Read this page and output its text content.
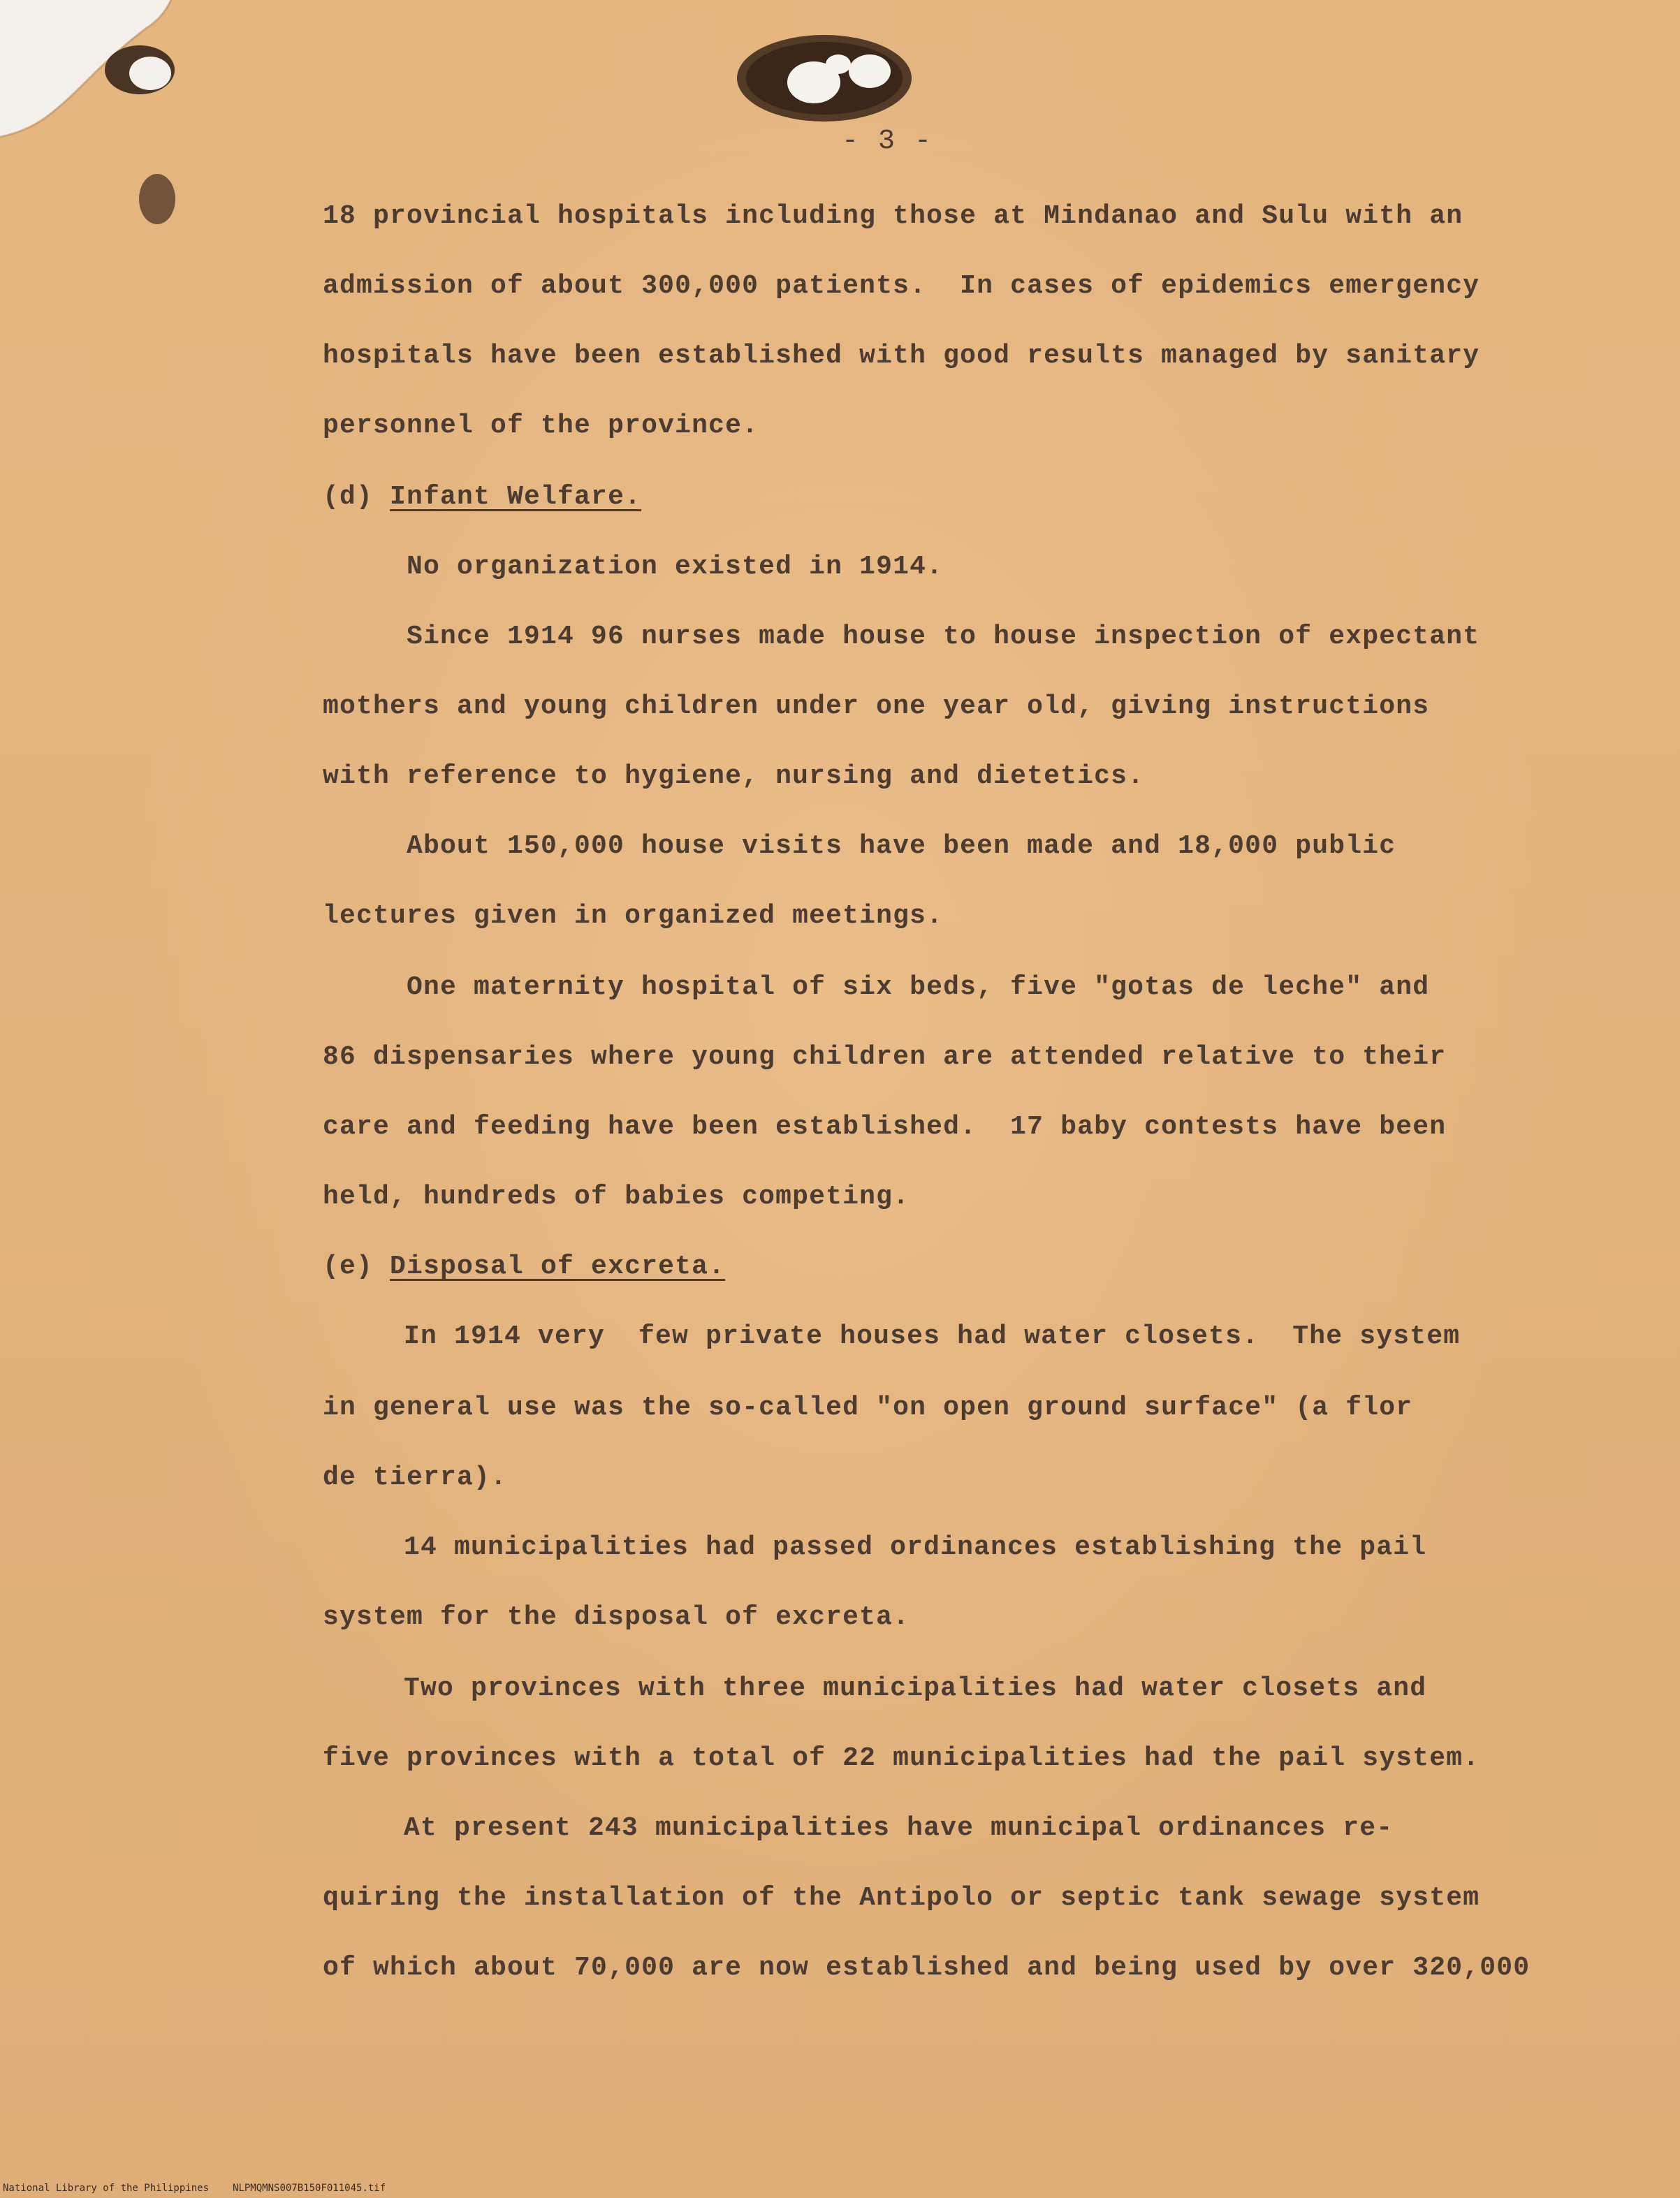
- 3 -
18 provincial hospitals including those at Mindanao and Sulu with an
admission of about 300,000 patients.  In cases of epidemics emergency
hospitals have been established with good results managed by sanitary
personnel of the province.
(d) Infant Welfare.
No organization existed in 1914.
Since 1914 96 nurses made house to house inspection of expectant
mothers and young children under one year old, giving instructions
with reference to hygiene, nursing and dietetics.
About 150,000 house visits have been made and 18,000 public
lectures given in organized meetings.
One maternity hospital of six beds, five "gotas de leche" and
86 dispensaries where young children are attended relative to their
care and feeding have been established.  17 baby contests have been
held, hundreds of babies competing.
(e) Disposal of excreta.
In 1914 very  few private houses had water closets.  The system
in general use was the so-called "on open ground surface" (a flor
de tierra).
14 municipalities had passed ordinances establishing the pail
system for the disposal of excreta.
Two provinces with three municipalities had water closets and
five provinces with a total of 22 municipalities had the pail system.
At present 243 municipalities have municipal ordinances re-
quiring the installation of the Antipolo or septic tank sewage system
of which about 70,000 are now established and being used by over 320,000
National Library of the Philippines NLPMQMNS007B150F011045.tif
